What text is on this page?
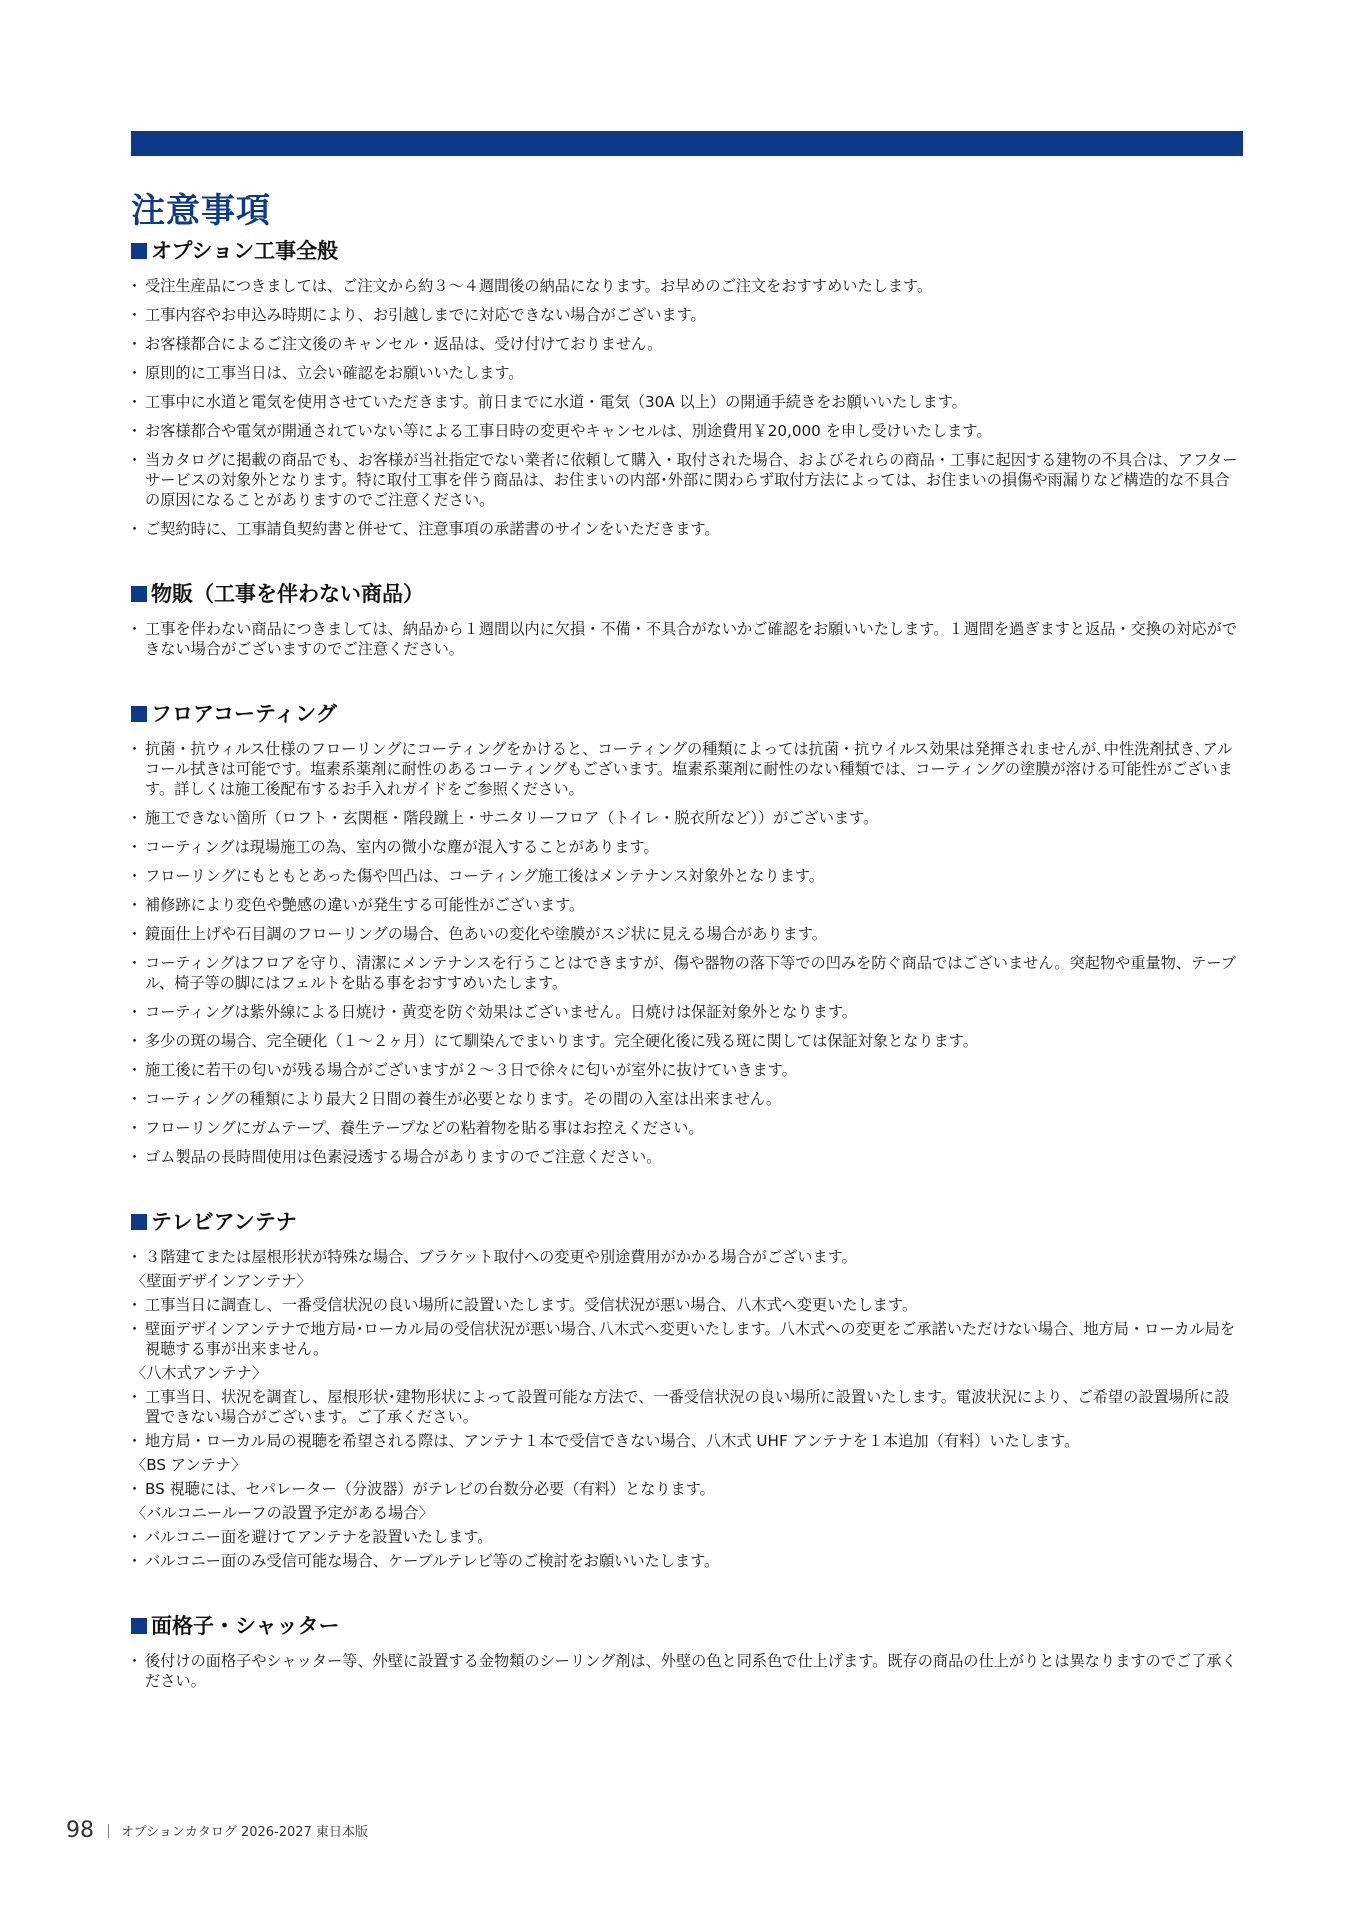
注意事項
オプション工事全般
・ 受注生産品につきましては、ご注文から約３～４週間後の納品になります。お早めのご注文をおすすめいたします。
・ 工事内容やお申込み時期により、お引越しまでに対応できない場合がございます。
・ お客様都合によるご注文後のキャンセル・返品は、受け付けておりません。
・ 原則的に工事当日は、立会い確認をお願いいたします。
・ 工事中に水道と電気を使用させていただきます。前日までに水道・電気（30A 以上）の開通手続きをお願いいたします。
・ お客様都合や電気が開通されていない等による工事日時の変更やキャンセルは、別途費用￥20,000 を申し受けいたします。
・ 当カタログに掲載の商品でも、お客様が当社指定でない業者に依頼して購入・取付された場合、およびそれらの商品・工事に起因する建物の不具合は、アフターサービスの対象外となります。特に取付工事を伴う商品は、お住まいの内部･外部に関わらず取付方法によっては、お住まいの損傷や雨漏りなど構造的な不具合の原因になることがありますのでご注意ください。
・ ご契約時に、工事請負契約書と併せて、注意事項の承諾書のサインをいただきます。
物販（工事を伴わない商品）
・ 工事を伴わない商品につきましては、納品から１週間以内に欠損・不備・不具合がないかご確認をお願いいたします。１週間を過ぎますと返品・交換の対応ができない場合がございますのでご注意ください。
フロアコーティング
・ 抗菌・抗ウィルス仕様のフローリングにコーティングをかけると、コーティングの種類によっては抗菌・抗ウイルス効果は発揮されませんが､中性洗剤拭き､アルコール拭きは可能です。塩素系薬剤に耐性のあるコーティングもございます。塩素系薬剤に耐性のない種類では、コーティングの塗膜が溶ける可能性がございます。詳しくは施工後配布するお手入れガイドをご参照ください。
・ 施工できない箇所（ロフト・玄関框・階段蹴上・サニタリーフロア（トイレ・脱衣所など））がございます。
・ コーティングは現場施工の為、室内の微小な塵が混入することがあります。
・ フローリングにもともとあった傷や凹凸は、コーティング施工後はメンテナンス対象外となります。
・ 補修跡により変色や艶感の違いが発生する可能性がございます。
・ 鏡面仕上げや石目調のフローリングの場合、色あいの変化や塗膜がスジ状に見える場合があります。
・ コーティングはフロアを守り、清潔にメンテナンスを行うことはできますが、傷や器物の落下等での凹みを防ぐ商品ではございません。突起物や重量物、テーブル、椅子等の脚にはフェルトを貼る事をおすすめいたします。
・ コーティングは紫外線による日焼け・黄変を防ぐ効果はございません。日焼けは保証対象外となります。
・ 多少の斑の場合、完全硬化（１～２ヶ月）にて馴染んでまいります。完全硬化後に残る斑に関しては保証対象となります。
・ 施工後に若干の匂いが残る場合がございますが２～３日で徐々に匂いが室外に抜けていきます。
・ コーティングの種類により最大２日間の養生が必要となります。その間の入室は出来ません。
・ フローリングにガムテープ、養生テープなどの粘着物を貼る事はお控えください。
・ ゴム製品の長時間使用は色素浸透する場合がありますのでご注意ください。
テレビアンテナ
・ ３階建てまたは屋根形状が特殊な場合、ブラケット取付への変更や別途費用がかかる場合がございます。
〈壁面デザインアンテナ〉
・ 工事当日に調査し、一番受信状況の良い場所に設置いたします。受信状況が悪い場合、八木式へ変更いたします。
・ 壁面デザインアンテナで地方局･ローカル局の受信状況が悪い場合､八木式へ変更いたします。八木式への変更をご承諾いただけない場合、地方局・ローカル局を視聴する事が出来ません。
〈八木式アンテナ〉
・ 工事当日、状況を調査し、屋根形状･建物形状によって設置可能な方法で、一番受信状況の良い場所に設置いたします。電波状況により、ご希望の設置場所に設置できない場合がございます。ご了承ください。
・ 地方局・ローカル局の視聴を希望される際は、アンテナ１本で受信できない場合、八木式 UHF アンテナを１本追加（有料）いたします。
〈BS アンテナ〉
・ BS 視聴には、セパレーター（分波器）がテレビの台数分必要（有料）となります。
〈バルコニールーフの設置予定がある場合〉
・ バルコニー面を避けてアンテナを設置いたします。
・ バルコニー面のみ受信可能な場合、ケーブルテレビ等のご検討をお願いいたします。
面格子・シャッター
・ 後付けの面格子やシャッター等、外壁に設置する金物類のシーリング剤は、外壁の色と同系色で仕上げます。既存の商品の仕上がりとは異なりますのでご了承ください。
98 オプションカタログ 2026-2027 東日本版
